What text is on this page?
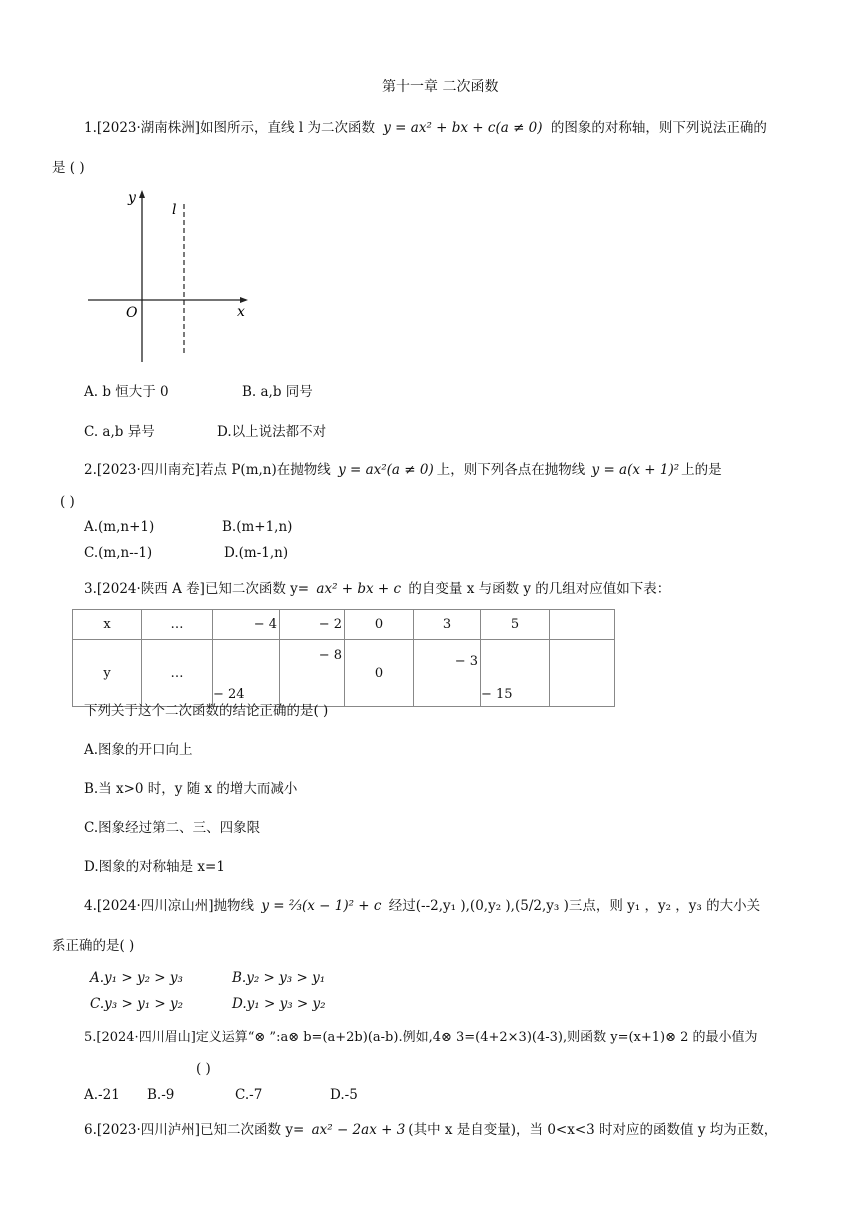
第十一章 二次函数
1.[2023·湖南株洲]如图所示，直线 l 为二次函数 y = ax² + bx + c(a ≠ 0) 的图象的对称轴，则下列说法正确的
是 ( )
y
x
O
l
A. b 恒大于 0	B. a,b 同号
C. a,b 异号	D.以上说法都不对
2.[2023·四川南充]若点 P(m,n)在抛物线 y = ax²(a ≠ 0) 上，则下列各点在抛物线 y = a(x + 1)² 上的是
( )
A.(m,n+1)	B.(m+1,n)
C.(m,n--1)	D.(m-1,n)
3.[2024·陕西 A 卷]已知二次函数 y= ax² + bx + c 的自变量 x 与函数 y 的几组对应值如下表：
x	…	− 4	− 2	0	3	5	
y	…	− 24	− 8	0	− 3	− 15	
下列关于这个二次函数的结论正确的是( )
A.图象的开口向上
B.当 x>0 时，y 随 x 的增大而减小
C.图象经过第二、三、四象限
D.图象的对称轴是 x=1
4.[2024·四川凉山州]抛物线 y = ⅔(x − 1)² + c 经过(--2,y₁ ),(0,y₂ ),(5/2,y₃ )三点，则 y₁ ，y₂ ，y₃ 的大小关
系正确的是( )
A.y₁ > y₂ > y₃	B.y₂ > y₃ > y₁
C.y₃ > y₁ > y₂	D.y₁ > y₃ > y₂
5.[2024·四川眉山]定义运算“⊗ ”:a⊗ b=(a+2b)(a-b).例如,4⊗ 3=(4+2×3)(4-3),则函数 y=(x+1)⊗ 2 的最小值为
( )
A.-21 B.-9	C.-7	D.-5
6.[2023·四川泸州]已知二次函数 y= ax² − 2ax + 3 (其中 x 是自变量)，当 0<x<3 时对应的函数值 y 均为正数，
